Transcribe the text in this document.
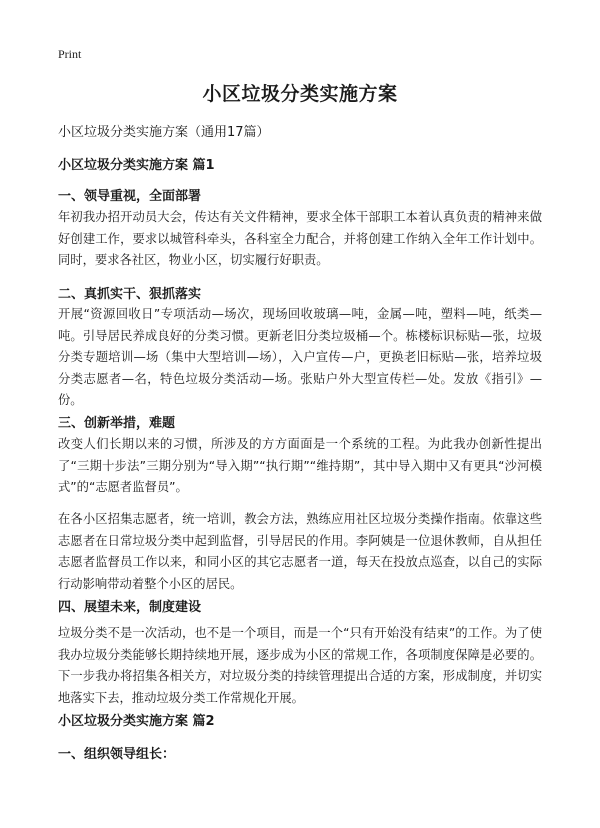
Print
小区垃圾分类实施方案

小区垃圾分类实施方案（通用17篇）

小区垃圾分类实施方案 篇1
一、领导重视，全面部署

年初我办招开动员大会，传达有关文件精神，要求全体干部职工本着认真负责的精神来做好创建工作，要求以城管科牵头，各科室全力配合，并将创建工作纳入全年工作计划中。同时，要求各社区，物业小区，切实履行好职责。

二、真抓实干、狠抓落实

开展“资源回收日”专项活动—场次，现场回收玻璃—吨，金属—吨，塑料—吨，纸类—吨。引导居民养成良好的分类习惯。更新老旧分类垃圾桶—个。栋楼标识标贴—张，垃圾分类专题培训—场（集中大型培训—场），入户宣传—户，更换老旧标贴—张，培养垃圾分类志愿者—名，特色垃圾分类活动—场。张贴户外大型宣传栏—处。发放《指引》—份。

三、创新举措，难题

改变人们长期以来的习惯，所涉及的方方面面是一个系统的工程。为此我办创新性提出了“三期十步法”三期分别为“导入期”“执行期”“维持期”，其中导入期中又有更具“沙河模式”的“志愿者监督员”。

在各小区招集志愿者，统一培训，教会方法，熟练应用社区垃圾分类操作指南。依靠这些志愿者在日常垃圾分类中起到监督，引导居民的作用。李阿姨是一位退休教师，自从担任志愿者监督员工作以来，和同小区的其它志愿者一道，每天在投放点巡查，以自己的实际行动影响带动着整个小区的居民。

四、展望未来，制度建设

垃圾分类不是一次活动，也不是一个项目，而是一个“只有开始没有结束”的工作。为了使我办垃圾分类能够长期持续地开展，逐步成为小区的常规工作，各项制度保障是必要的。下一步我办将招集各相关方，对垃圾分类的持续管理提出合适的方案，形成制度，并切实地落实下去，推动垃圾分类工作常规化开展。

小区垃圾分类实施方案 篇2
一、组织领导组长：
